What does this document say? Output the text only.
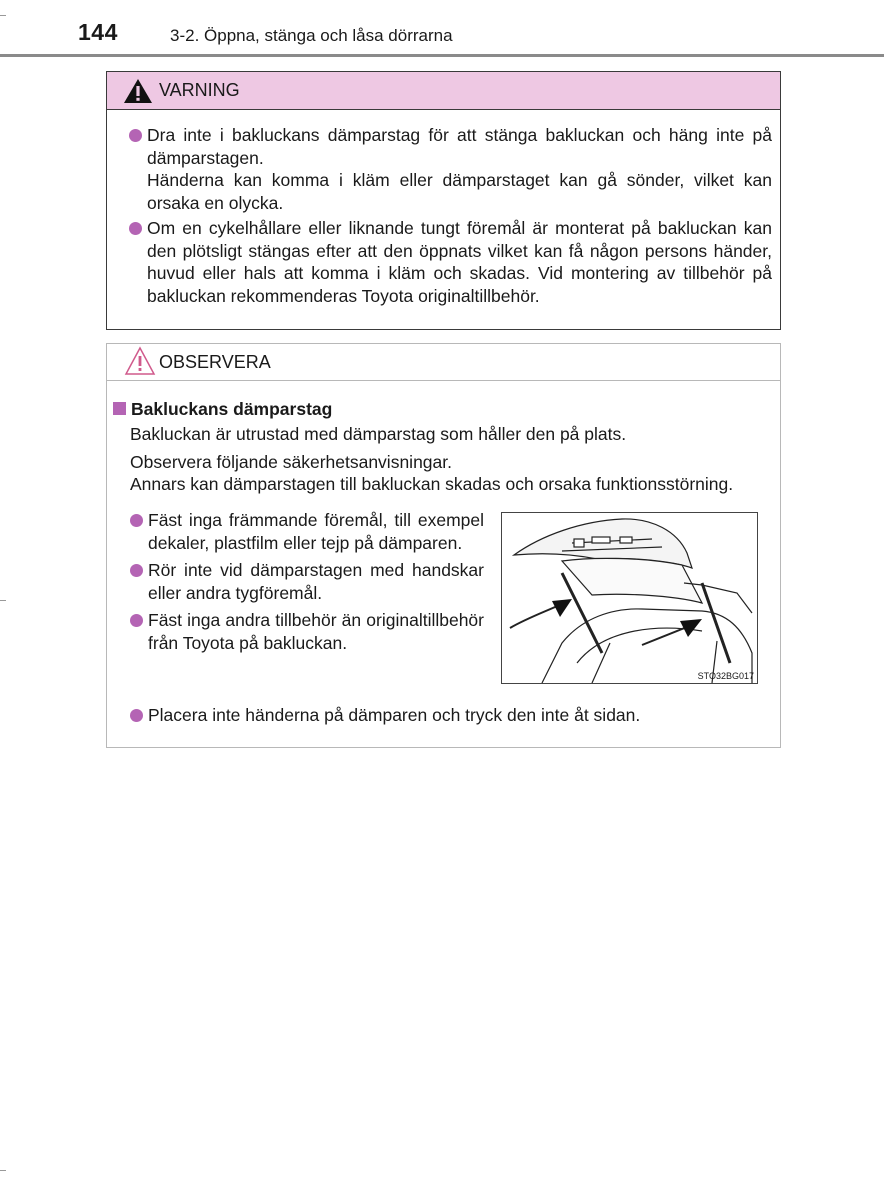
144	3-2. Öppna, stänga och låsa dörrarna
VARNING
Dra inte i bakluckans dämparstag för att stänga bakluckan och häng inte på dämparstagen.
Händerna kan komma i kläm eller dämparstaget kan gå sönder, vilket kan orsaka en olycka.
Om en cykelhållare eller liknande tungt föremål är monterat på bakluckan kan den plötsligt stängas efter att den öppnats vilket kan få någon persons händer, huvud eller hals att komma i kläm och skadas. Vid montering av tillbehör på bakluckan rekommenderas Toyota originaltillbehör.
OBSERVERA
Bakluckans dämparstag
Bakluckan är utrustad med dämparstag som håller den på plats.
Observera följande säkerhetsanvisningar.
Annars kan dämparstagen till bakluckan skadas och orsaka funktionsstörning.
Fäst inga främmande föremål, till exempel dekaler, plastfilm eller tejp på dämparen.
Rör inte vid dämparstagen med handskar eller andra tygföremål.
Fäst inga andra tillbehör än originaltillbehör från Toyota på bakluckan.
STO32BG017
Placera inte händerna på dämparen och tryck den inte åt sidan.
